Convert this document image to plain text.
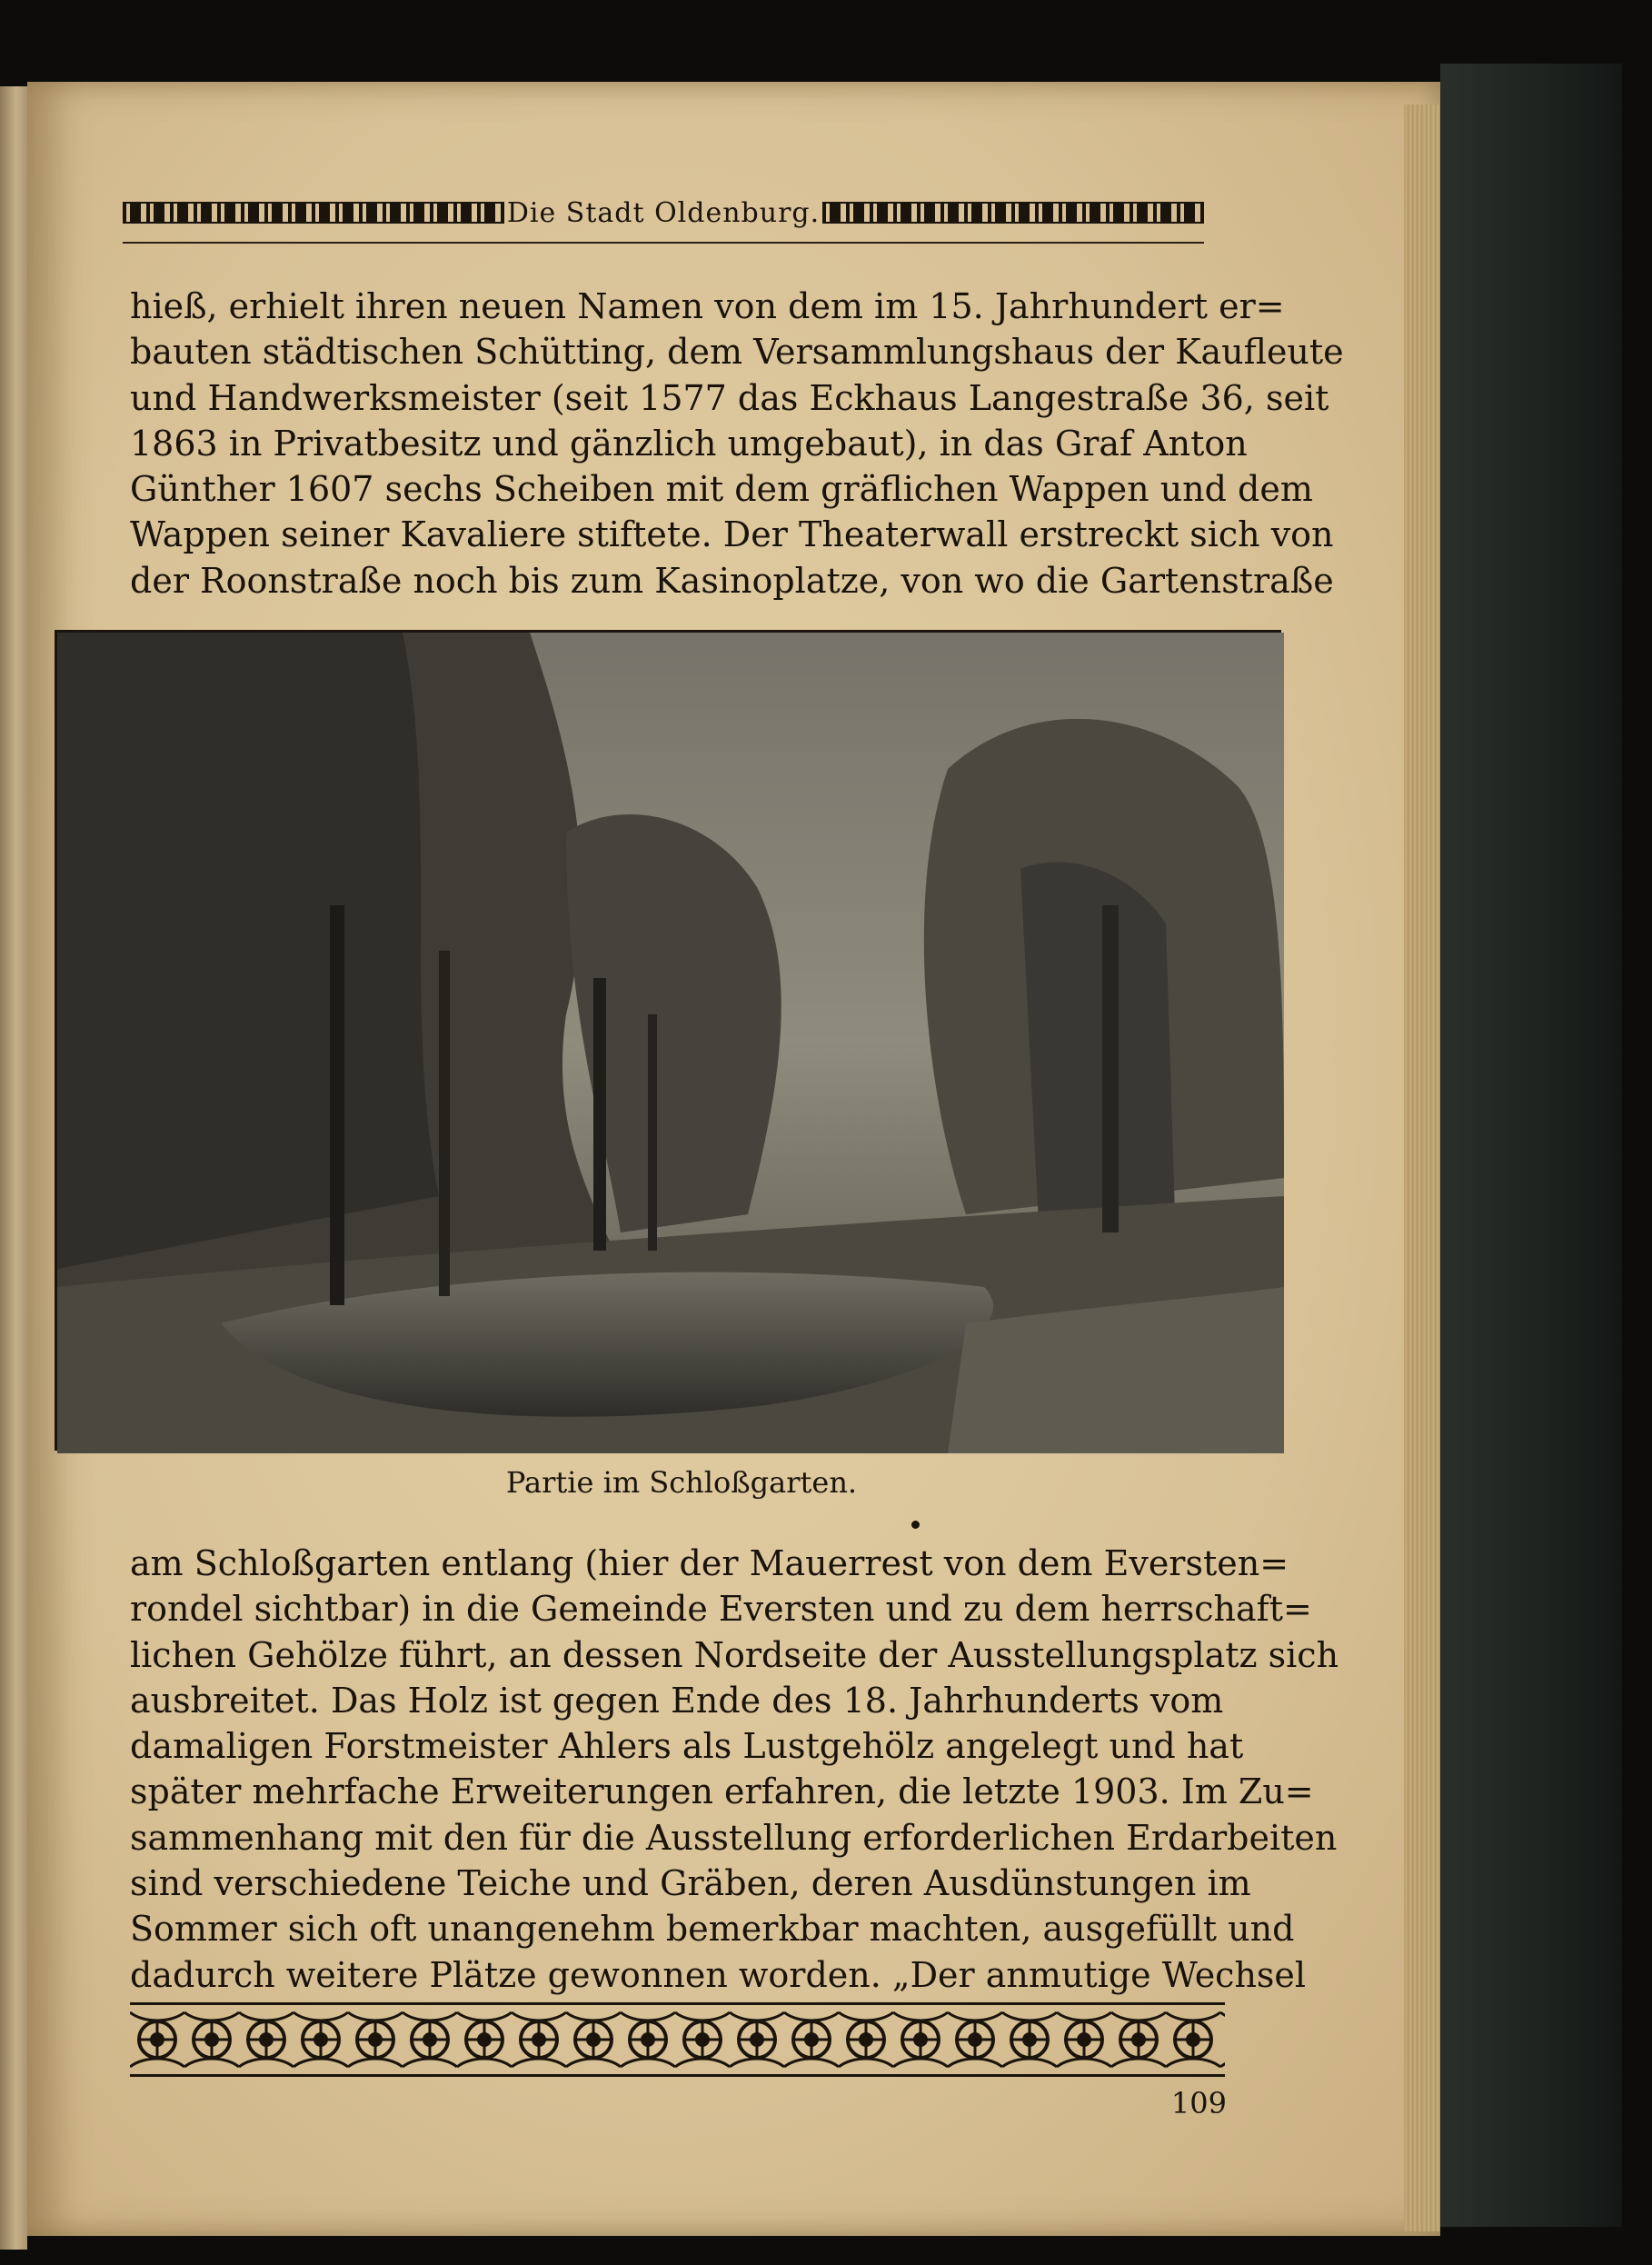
Die Stadt Oldenburg.
hieß, erhielt ihren neuen Namen von dem im 15. Jahrhundert er=
bauten städtischen Schütting, dem Versammlungshaus der Kaufleute
und Handwerksmeister (seit 1577 das Eckhaus Langestraße 36, seit
1863 in Privatbesitz und gänzlich umgebaut), in das Graf Anton
Günther 1607 sechs Scheiben mit dem gräflichen Wappen und dem
Wappen seiner Kavaliere stiftete. Der Theaterwall erstreckt sich von
der Roonstraße noch bis zum Kasinoplatze, von wo die Gartenstraße
Partie im Schloßgarten.
am Schloßgarten entlang (hier der Mauerrest von dem Eversten=
rondel sichtbar) in die Gemeinde Eversten und zu dem herrschaft=
lichen Gehölze führt, an dessen Nordseite der Ausstellungsplatz sich
ausbreitet. Das Holz ist gegen Ende des 18. Jahrhunderts vom
damaligen Forstmeister Ahlers als Lustgehölz angelegt und hat
später mehrfache Erweiterungen erfahren, die letzte 1903. Im Zu=
sammenhang mit den für die Ausstellung erforderlichen Erdarbeiten
sind verschiedene Teiche und Gräben, deren Ausdünstungen im
Sommer sich oft unangenehm bemerkbar machten, ausgefüllt und
dadurch weitere Plätze gewonnen worden. „Der anmutige Wechsel
109
